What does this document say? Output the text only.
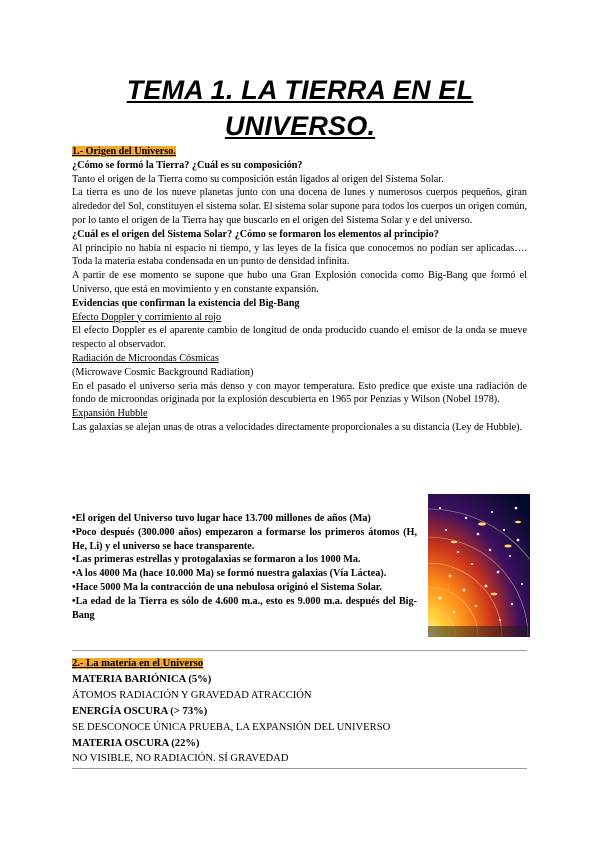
TEMA 1. LA TIERRA EN EL
UNIVERSO.

1.- Origen del Universo.

¿Cómo se formó la Tierra? ¿Cuál es su composición?

Tanto el origen de la Tierra como su composición están ligados al origen del Sistema Solar.

La tierra es uno de los nueve planetas junto con una docena de lunes y numerosos cuerpos pequeños, giran alrededor del Sol, constituyen el sistema solar. El sistema solar supone para todos los cuerpos un origen común, por lo tanto el origen de la Tierra hay que buscarlo en el origen del Sistema Solar y e del universo.

¿Cuál es el origen del Sistema Solar? ¿Cómo se formaron los elementos al principio?

Al principio no había ni espacio ni tiempo, y las leyes de la física que conocemos no podían ser aplicadas…. Toda la materia estaba condensada en un punto de densidad infinita.

A partir de ese momento se supone que hubo una Gran Explosión conocida como Big-Bang que formó el Universo, que está en movimiento y en constante expansión.

Evidencias que confirman la existencia del Big-Bang

Efecto Doppler y corrimiento al rojo

El efecto Doppler es el aparente cambio de longitud de onda producido cuando el emisor de la onda se mueve respecto al observador.

Radiación de Microondas Cósmicas

(Microwave Cosmic Background Radiation)

En el pasado el universo sería más denso y con mayor temperatura. Esto predice que existe una radiación de fondo de microondas originada por la explosión descubierta en 1965 por Penzias y Wilson (Nobel 1978).

Expansión Hubble

Las galaxias se alejan unas de otras a velocidades directamente proporcionales a su distancia (Ley de Hubble).

•El origen del Universo tuvo lugar hace 13.700 millones de años (Ma)

•Poco después (300.000 años) empezaron a formarse los primeros átomos (H, He, Li) y el universo se hace transparente.

•Las primeras estrellas y protogalaxias se formaron a los 1000 Ma.

•A los 4000 Ma (hace 10.000 Ma) se formó nuestra galaxias (Vía Láctea).

•Hace 5000 Ma la contracción de una nebulosa originó el Sistema Solar.

•La edad de la Tierra es sólo de 4.600 m.a., esto es 9.000 m.a. después del Big-Bang

2.- La materia en el Universo

MATERIA BARIÓNICA (5%)

ÁTOMOS RADIACIÓN Y GRAVEDAD ATRACCIÓN

ENERGÍA OSCURA (> 73%)

SE DESCONOCE ÚNICA PRUEBA, LA EXPANSIÓN DEL UNIVERSO

MATERIA OSCURA (22%)

NO VISIBLE, NO RADIACIÓN. SÍ GRAVEDAD
